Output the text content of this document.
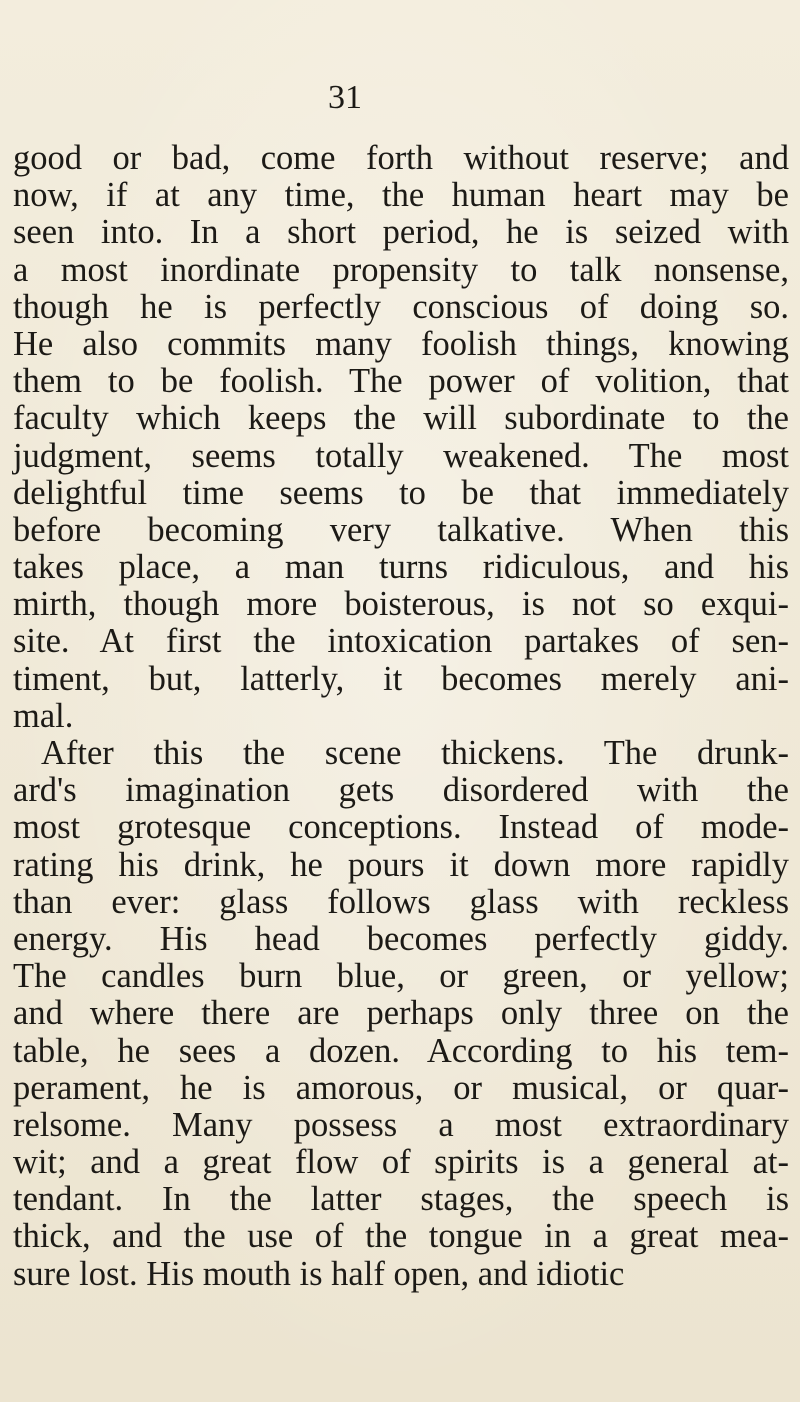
31
good or bad, come forth without reserve; and
now, if at any time, the human heart may be
seen into. In a short period, he is seized with
a most inordinate propensity to talk nonsense,
though he is perfectly conscious of doing so.
He also commits many foolish things, knowing
them to be foolish. The power of volition, that
faculty which keeps the will subordinate to the
judgment, seems totally weakened. The most
delightful time seems to be that immediately
before becoming very talkative. When this
takes place, a man turns ridiculous, and his
mirth, though more boisterous, is not so exqui-
site. At first the intoxication partakes of sen-
timent, but, latterly, it becomes merely ani-
mal.
After this the scene thickens. The drunk-
ard's imagination gets disordered with the
most grotesque conceptions. Instead of mode-
rating his drink, he pours it down more rapidly
than ever: glass follows glass with reckless
energy. His head becomes perfectly giddy.
The candles burn blue, or green, or yellow;
and where there are perhaps only three on the
table, he sees a dozen. According to his tem-
perament, he is amorous, or musical, or quar-
relsome. Many possess a most extraordinary
wit; and a great flow of spirits is a general at-
tendant. In the latter stages, the speech is
thick, and the use of the tongue in a great mea-
sure lost. His mouth is half open, and idiotic
